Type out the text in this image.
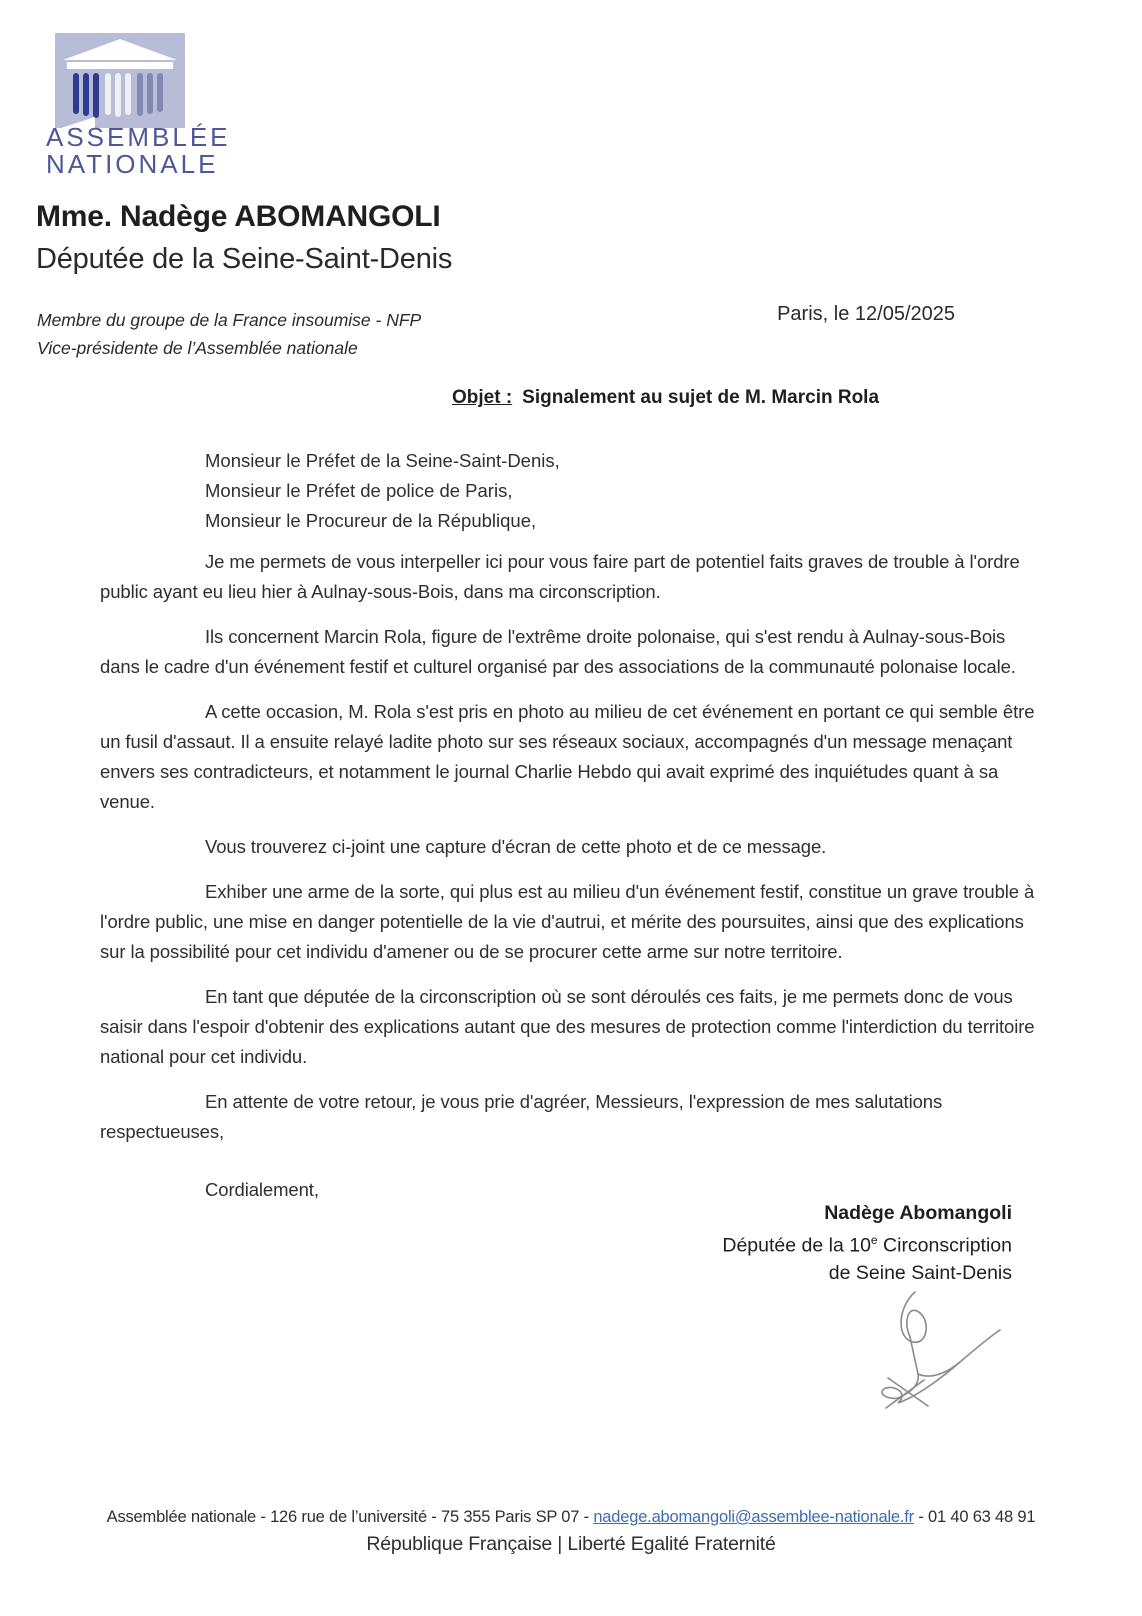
ASSEMBLÉE
NATIONALE
Mme. Nadège ABOMANGOLI
Députée de la Seine-Saint-Denis
Membre du groupe de la France insoumise - NFP
Vice-présidente de l’Assemblée nationale
Paris, le 12/05/2025
Objet : Signalement au sujet de M. Marcin Rola
Monsieur le Préfet de la Seine-Saint-Denis,
Monsieur le Préfet de police de Paris,
Monsieur le Procureur de la République,

Je me permets de vous interpeller ici pour vous faire part de potentiel faits graves de trouble à l'ordre public ayant eu lieu hier à Aulnay-sous-Bois, dans ma circonscription.

Ils concernent Marcin Rola, figure de l'extrême droite polonaise, qui s'est rendu à Aulnay-sous-Bois dans le cadre d'un événement festif et culturel organisé par des associations de la communauté polonaise locale.

A cette occasion, M. Rola s'est pris en photo au milieu de cet événement en portant ce qui semble être un fusil d'assaut. Il a ensuite relayé ladite photo sur ses réseaux sociaux, accompagnés d'un message menaçant envers ses contradicteurs, et notamment le journal Charlie Hebdo qui avait exprimé des inquiétudes quant à sa venue.

Vous trouverez ci-joint une capture d'écran de cette photo et de ce message.

Exhiber une arme de la sorte, qui plus est au milieu d'un événement festif, constitue un grave trouble à l'ordre public, une mise en danger potentielle de la vie d'autrui, et mérite des poursuites, ainsi que des explications sur la possibilité pour cet individu d'amener ou de se procurer cette arme sur notre territoire.

En tant que députée de la circonscription où se sont déroulés ces faits, je me permets donc de vous saisir dans l'espoir d'obtenir des explications autant que des mesures de protection comme l'interdiction du territoire national pour cet individu.

En attente de votre retour, je vous prie d'agréer, Messieurs, l'expression de mes salutations respectueuses,

Cordialement,

Nadège Abomangoli
Députée de la 10e Circonscription
de Seine Saint-Denis
Assemblée nationale - 126 rue de l’université - 75 355 Paris SP 07 - nadege.abomangoli@assemblee-nationale.fr - 01 40 63 48 91
République Française | Liberté Egalité Fraternité
